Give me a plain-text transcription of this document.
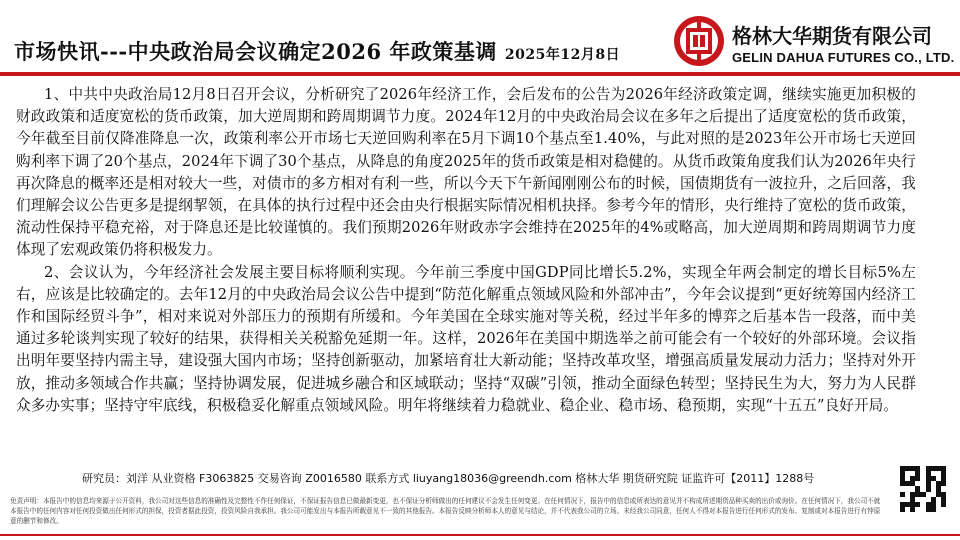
市场快讯---中央政治局会议确定2026 年政策基调 2025年12月8日
格林大华期货有限公司
GELIN DAHUA FUTURES CO., LTD.

1、中共中央政治局12月8日召开会议，分析研究了2026年经济工作，会后发布的公告为2026年经济政策定调，继续实施更加积极的财政政策和适度宽松的货币政策，加大逆周期和跨周期调节力度。2024年12月的中央政治局会议在多年之后提出了适度宽松的货币政策，今年截至目前仅降准降息一次，政策利率公开市场七天逆回购利率在5月下调10个基点至1.40%，与此对照的是2023年公开市场七天逆回购利率下调了20个基点，2024年下调了30个基点，从降息的角度2025年的货币政策是相对稳健的。从货币政策角度我们认为2026年央行再次降息的概率还是相对较大一些，对债市的多方相对有利一些，所以今天下午新闻刚刚公布的时候，国债期货有一波拉升，之后回落，我们理解会议公告更多是提纲挈领，在具体的执行过程中还会由央行根据实际情况相机抉择。参考今年的情形，央行维持了宽松的货币政策，流动性保持平稳充裕，对于降息还是比较谨慎的。我们预期2026年财政赤字会维持在2025年的4%或略高，加大逆周期和跨周期调节力度体现了宏观政策仍将积极发力。

2、会议认为，今年经济社会发展主要目标将顺利实现。今年前三季度中国GDP同比增长5.2%，实现全年两会制定的增长目标5%左右，应该是比较确定的。去年12月的中央政治局会议公告中提到“防范化解重点领域风险和外部冲击”，今年会议提到“更好统筹国内经济工作和国际经贸斗争”，相对来说对外部压力的预期有所缓和。今年美国在全球实施对等关税，经过半年多的博弈之后基本告一段落，而中美通过多轮谈判实现了较好的结果，获得相关关税豁免延期一年。这样，2026年在美国中期选举之前可能会有一个较好的外部环境。会议指出明年要坚持内需主导，建设强大国内市场；坚持创新驱动，加紧培育壮大新动能；坚持改革攻坚，增强高质量发展动力活力；坚持对外开放，推动多领域合作共赢；坚持协调发展，促进城乡融合和区域联动；坚持“双碳”引领，推动全面绿色转型；坚持民生为大，努力为人民群众多办实事；坚持守牢底线，积极稳妥化解重点领域风险。明年将继续着力稳就业、稳企业、稳市场、稳预期，实现“十五五”良好开局。

研究员：刘洋 从业资格 F3063825 交易咨询 Z0016580 联系方式 liuyang18036@greendh.com 格林大华 期货研究院 证监许可【2011】1288号
免责声明：本报告中的信息均来源于公开资料，我公司对这些信息的准确性及完整性不作任何保证，不保证报告信息已做最新变更，也不保证分析师做出的任何建议不会发生任何变更。在任何情况下，报告中的信息或所表达的意见并不构成所述期货品种买卖的出价或询价。在任何情况下，我公司不就本报告中的任何内容对任何投资做出任何形式的担保，投资者据此投资，投资风险自我承担。我公司可能发出与本报告所载意见不一致的其他报告。本报告反映分析师本人的意见与结论，并不代表我公司的立场。未经我公司同意，任何人不得对本报告进行任何形式的发布、复制或对本报告进行有悖原意的删节和修改。
